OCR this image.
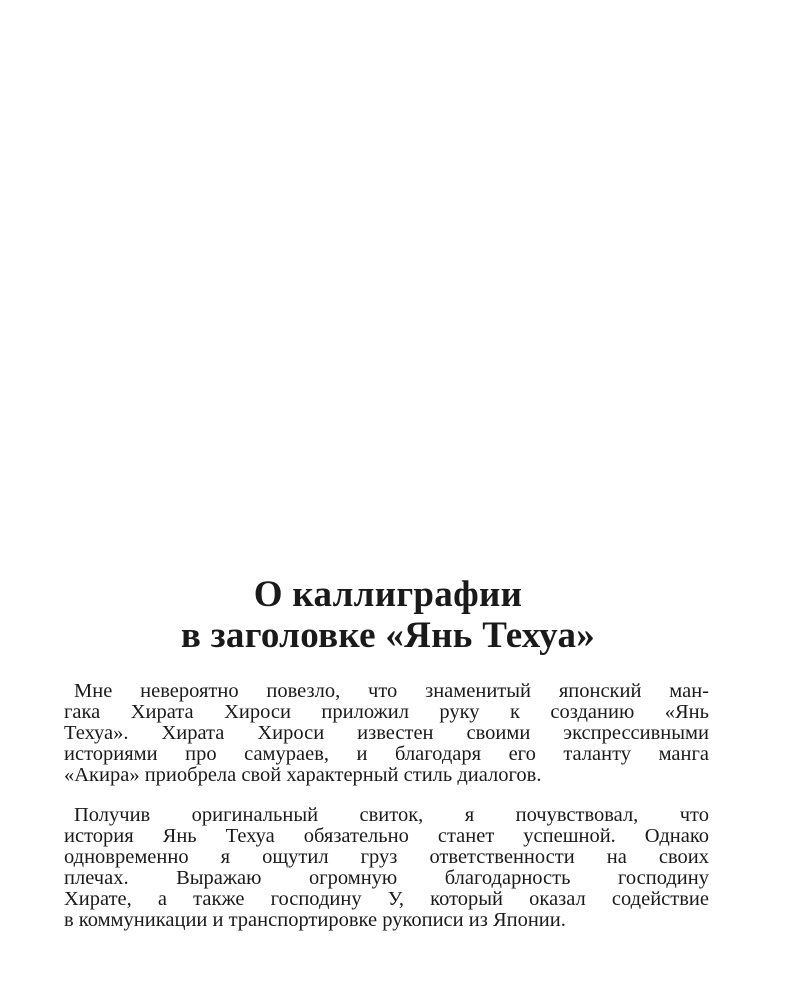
О каллиграфии
в заголовке «Янь Техуа»
Мне невероятно повезло, что знаменитый японский ман-
гака Хирата Хироси приложил руку к созданию «Янь
Техуа». Хирата Хироси известен своими экспрессивными
историями про самураев, и благодаря его таланту манга
«Акира» приобрела свой характерный стиль диалогов.
Получив оригинальный свиток, я почувствовал, что
история Янь Техуа обязательно станет успешной. Однако
одновременно я ощутил груз ответственности на своих
плечах. Выражаю огромную благодарность господину
Хирате, а также господину У, который оказал содействие
в коммуникации и транспортировке рукописи из Японии.
